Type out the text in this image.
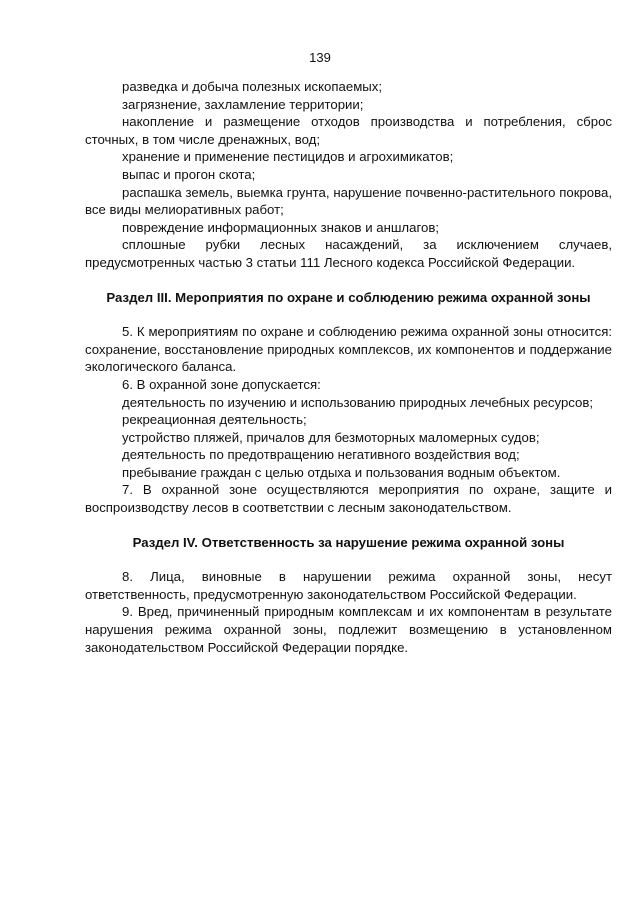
139

разведка и добыча полезных ископаемых;

загрязнение, захламление территории;

накопление и размещение отходов производства и потребления, сброс сточных, в том числе дренажных, вод;

хранение и применение пестицидов и агрохимикатов;

выпас и прогон скота;

распашка земель, выемка грунта, нарушение почвенно-растительного покрова, все виды мелиоративных работ;

повреждение информационных знаков и аншлагов;

сплошные рубки лесных насаждений, за исключением случаев, предусмотренных частью 3 статьи 111 Лесного кодекса Российской Федерации.

Раздел III. Мероприятия по охране и соблюдению режима охранной зоны

5. К мероприятиям по охране и соблюдению режима охранной зоны относится: сохранение, восстановление природных комплексов, их компонентов и поддержание экологического баланса.

6. В охранной зоне допускается:

деятельность по изучению и использованию природных лечебных ресурсов;

рекреационная деятельность;

устройство пляжей, причалов для безмоторных маломерных судов;

деятельность по предотвращению негативного воздействия вод;

пребывание граждан с целью отдыха и пользования водным объектом.

7. В охранной зоне осуществляются мероприятия по охране, защите и воспроизводству лесов в соответствии с лесным законодательством.

Раздел IV. Ответственность за нарушение режима охранной зоны

8. Лица, виновные в нарушении режима охранной зоны, несут ответственность, предусмотренную законодательством Российской Федерации.

9. Вред, причиненный природным комплексам и их компонентам в результате нарушения режима охранной зоны, подлежит возмещению в установленном законодательством Российской Федерации порядке.
